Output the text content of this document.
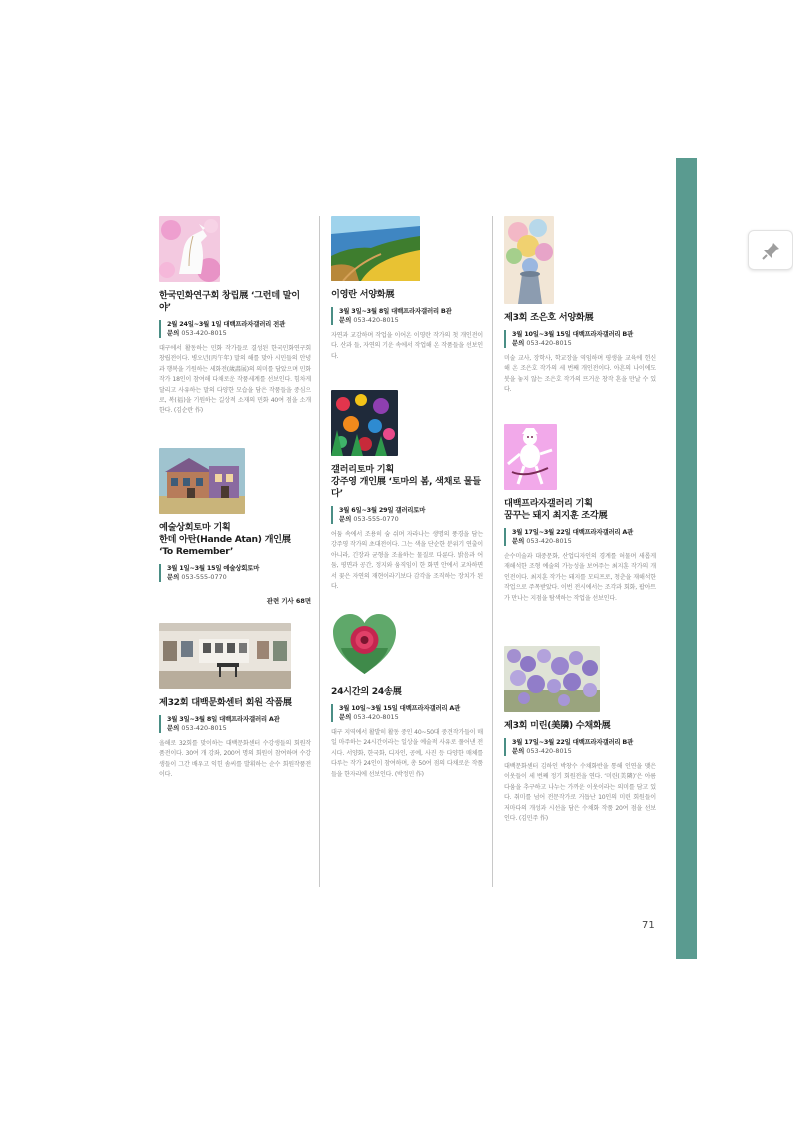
한국민화연구회 창립展 ‘그런데 말이야’
2월 24일~3월 1일 대백프라자갤러리 전관
문의 053-420-8015
대구에서 활동하는 민화 작가들로 결성된 한국민화연구회 창립전이다. 병오년(丙午年) 말의 해를 맞아 시민들의 안녕과 행복을 기원하는 세화전(歲畵展)의 의미를 담았으며 민화 작가 18인이 참여해 다채로운 작품세계를 선보인다. 힘차게 달리고 사유하는 말의 다양한 모습을 담은 작품들을 중심으로, 복(福)을 기원하는 길상적 소재의 민화 40여 점을 소개한다. (김순란 作)
예술상회토마 기획
한데 아탄(Hande Atan) 개인展
‘To Remember’
3월 1일~3월 15일 예술상회토마
문의 053-555-0770
관련 기사 68면
제32회 대백문화센터 회원 작품展
3월 3일~3월 8일 대백프라자갤러리 A관
문의 053-420-8015
올해로 32회를 맞이하는 대백문화센터 수강생들의 회원작품전이다. 30여 개 강좌, 200여 명의 회원이 참여하며 수강생들이 그간 배우고 익힌 솜씨를 발휘하는 순수 회원작품전이다.
이영란 서양화展
3월 3일~3월 8일 대백프라자갤러리 B관
문의 053-420-8015
자연과 교감하며 작업을 이어온 이영란 작가의 첫 개인전이다. 산과 들, 자연의 기운 속에서 작업해 온 작품들을 선보인다.
갤러리토마 기획
강주영 개인展 ‘토마의 봄, 색채로 물들다’
3월 6일~3월 29일 갤러리토마
문의 053-555-0770
어둠 속에서 조용히 숨 쉬며 자라나는 생명의 풍경을 담는 강주영 작가의 초대전이다. 그는 색을 단순한 분위기 연출이 아니라, 긴장과 균형을 조율하는 물질로 다룬다. 밝음과 어둠, 평면과 공간, 정지와 움직임이 한 화면 안에서 교차하면서 꽃은 자연의 재현이라기보다 감각을 조직하는 장치가 된다.
24시간의 24송展
3월 10일~3월 15일 대백프라자갤러리 A관
문의 053-420-8015
대구 지역에서 활발히 활동 중인 40~50대 중견작가들이 매일 마주하는 24시간이라는 일상을 예술적 사유로 풀어낸 전시다. 서양화, 한국화, 디자인, 공예, 사진 등 다양한 매체를 다루는 작가 24인이 참여하며, 총 50여 점의 다채로운 작품들을 한자리에 선보인다. (박정민 作)
제3회 조은호 서양화展
3월 10일~3월 15일 대백프라자갤러리 B관
문의 053-420-8015
미술 교사, 장학사, 학교장을 역임하며 평생을 교육에 헌신해 온 조은호 작가의 세 번째 개인전이다. 아흔의 나이에도 붓을 놓지 않는 조은호 작가의 뜨거운 창작 혼을 만날 수 있다.
대백프라자갤러리 기획
꿈꾸는 돼지 최지훈 조각展
3월 17일~3월 22일 대백프라자갤러리 A관
문의 053-420-8015
순수미술과 대중문화, 산업디자인의 경계를 허물며 새롭게 재해석한 조형 예술의 가능성을 보여주는 최지훈 작가의 개인전이다. 최지훈 작가는 돼지를 모티프로, 청춘을 재해석한 작업으로 주목받았다. 이번 전시에서는 조각과 회화, 팝아트가 만나는 지점을 탐색하는 작업을 선보인다.
제3회 미린(美隣) 수채화展
3월 17일~3월 22일 대백프라자갤러리 B관
문의 053-420-8015
대백문화센터 김하인 박창수 수채화반을 통해 인연을 맺은 이웃들이 세 번째 정기 회원전을 연다. ‘미린(美隣)’은 아름다움을 추구하고 나누는 가까운 이웃이라는 의미를 담고 있다. 취미를 넘어 전문작가로 거듭난 10인의 미린 회원들이 저마다의 개성과 시선을 담은 수채화 작품 20여 점을 선보인다. (김민주 作)
71
